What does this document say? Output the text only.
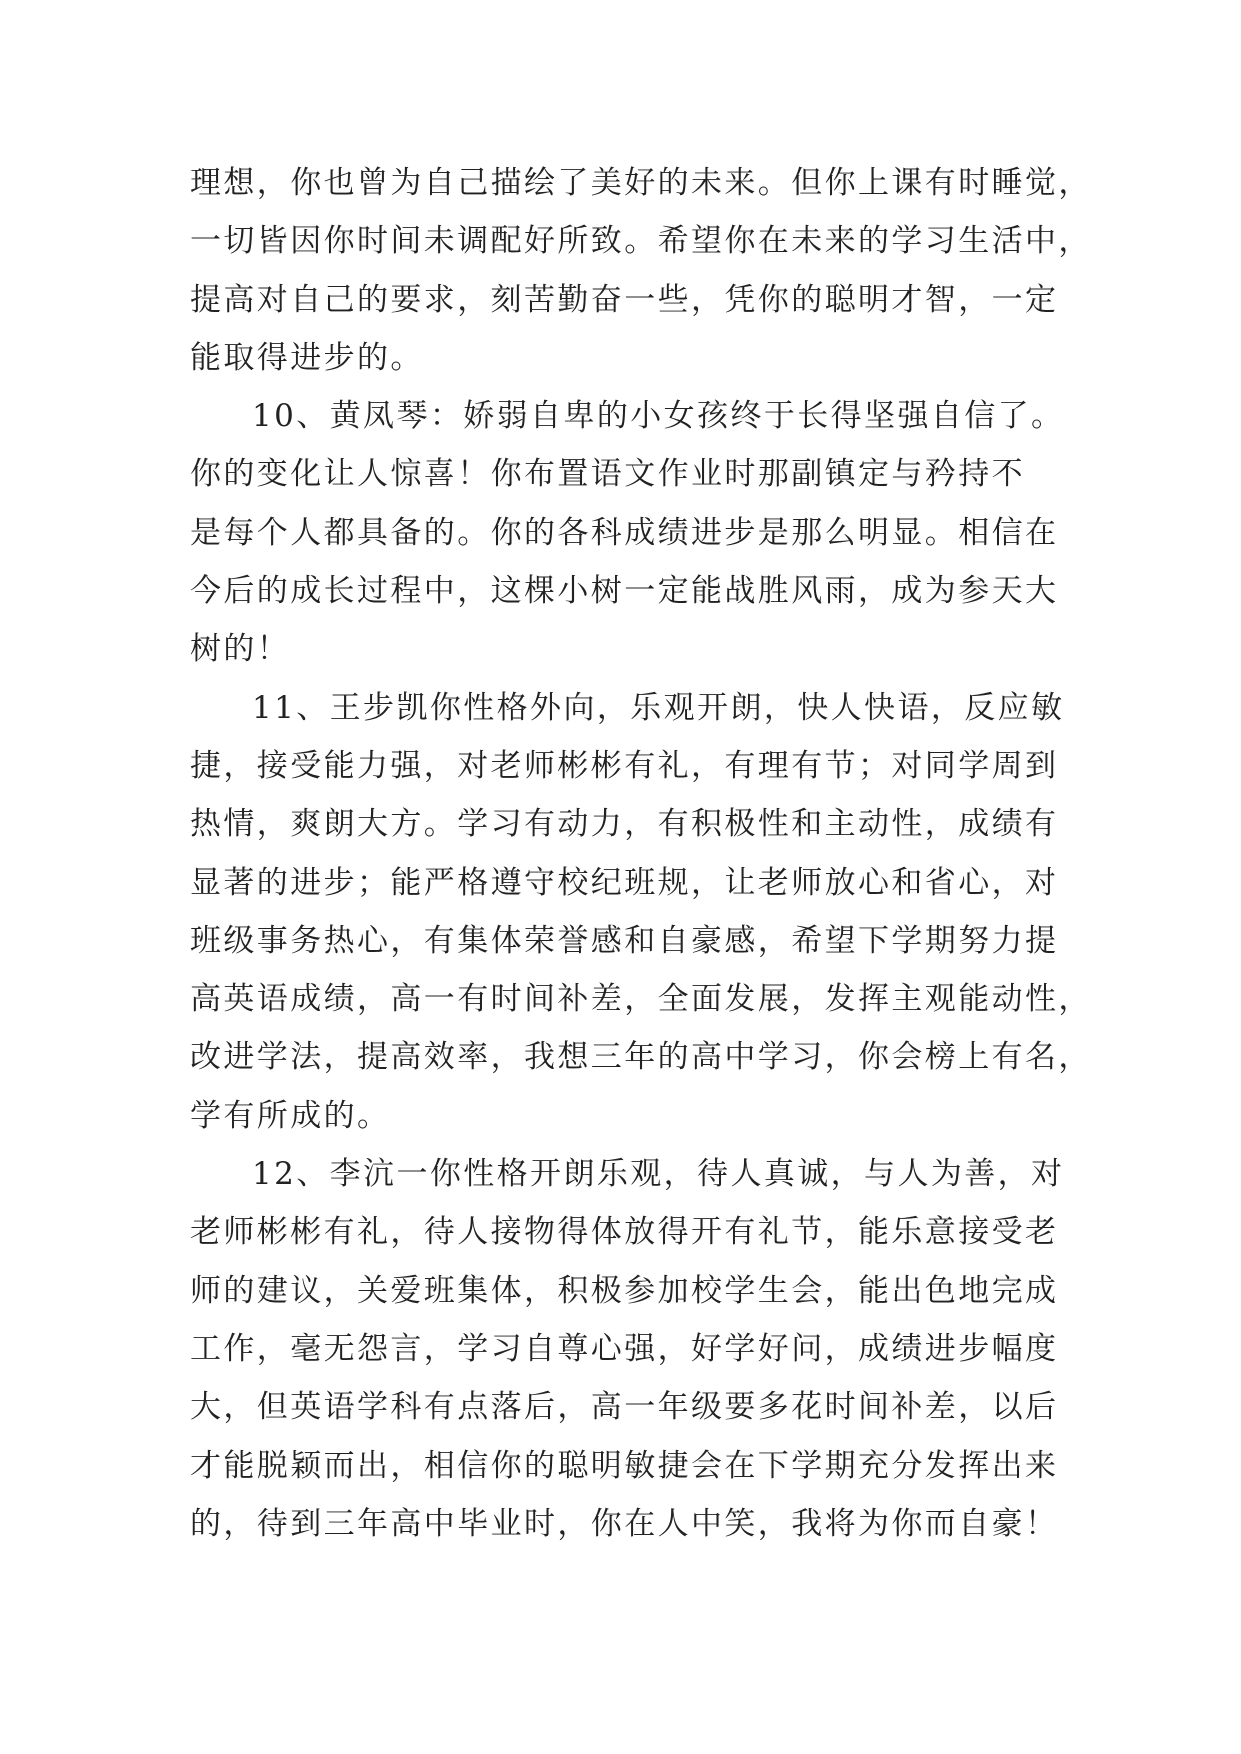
理想，你也曾为自己描绘了美好的未来。但你上课有时睡觉，
一切皆因你时间未调配好所致。希望你在未来的学习生活中，
提高对自己的要求，刻苦勤奋一些，凭你的聪明才智，一定
能取得进步的。
10、黄凤琴：娇弱自卑的小女孩终于长得坚强自信了。
你的变化让人惊喜！你布置语文作业时那副镇定与矜持不
是每个人都具备的。你的各科成绩进步是那么明显。相信在
今后的成长过程中，这棵小树一定能战胜风雨，成为参天大
树的！
11、王步凯你性格外向，乐观开朗，快人快语，反应敏
捷，接受能力强，对老师彬彬有礼，有理有节；对同学周到
热情，爽朗大方。学习有动力，有积极性和主动性，成绩有
显著的进步；能严格遵守校纪班规，让老师放心和省心，对
班级事务热心，有集体荣誉感和自豪感，希望下学期努力提
高英语成绩，高一有时间补差，全面发展，发挥主观能动性，
改进学法，提高效率，我想三年的高中学习，你会榜上有名，
学有所成的。
12、李沆一你性格开朗乐观，待人真诚，与人为善，对
老师彬彬有礼，待人接物得体放得开有礼节，能乐意接受老
师的建议，关爱班集体，积极参加校学生会，能出色地完成
工作，毫无怨言，学习自尊心强，好学好问，成绩进步幅度
大，但英语学科有点落后，高一年级要多花时间补差，以后
才能脱颖而出，相信你的聪明敏捷会在下学期充分发挥出来
的，待到三年高中毕业时，你在人中笑，我将为你而自豪！
